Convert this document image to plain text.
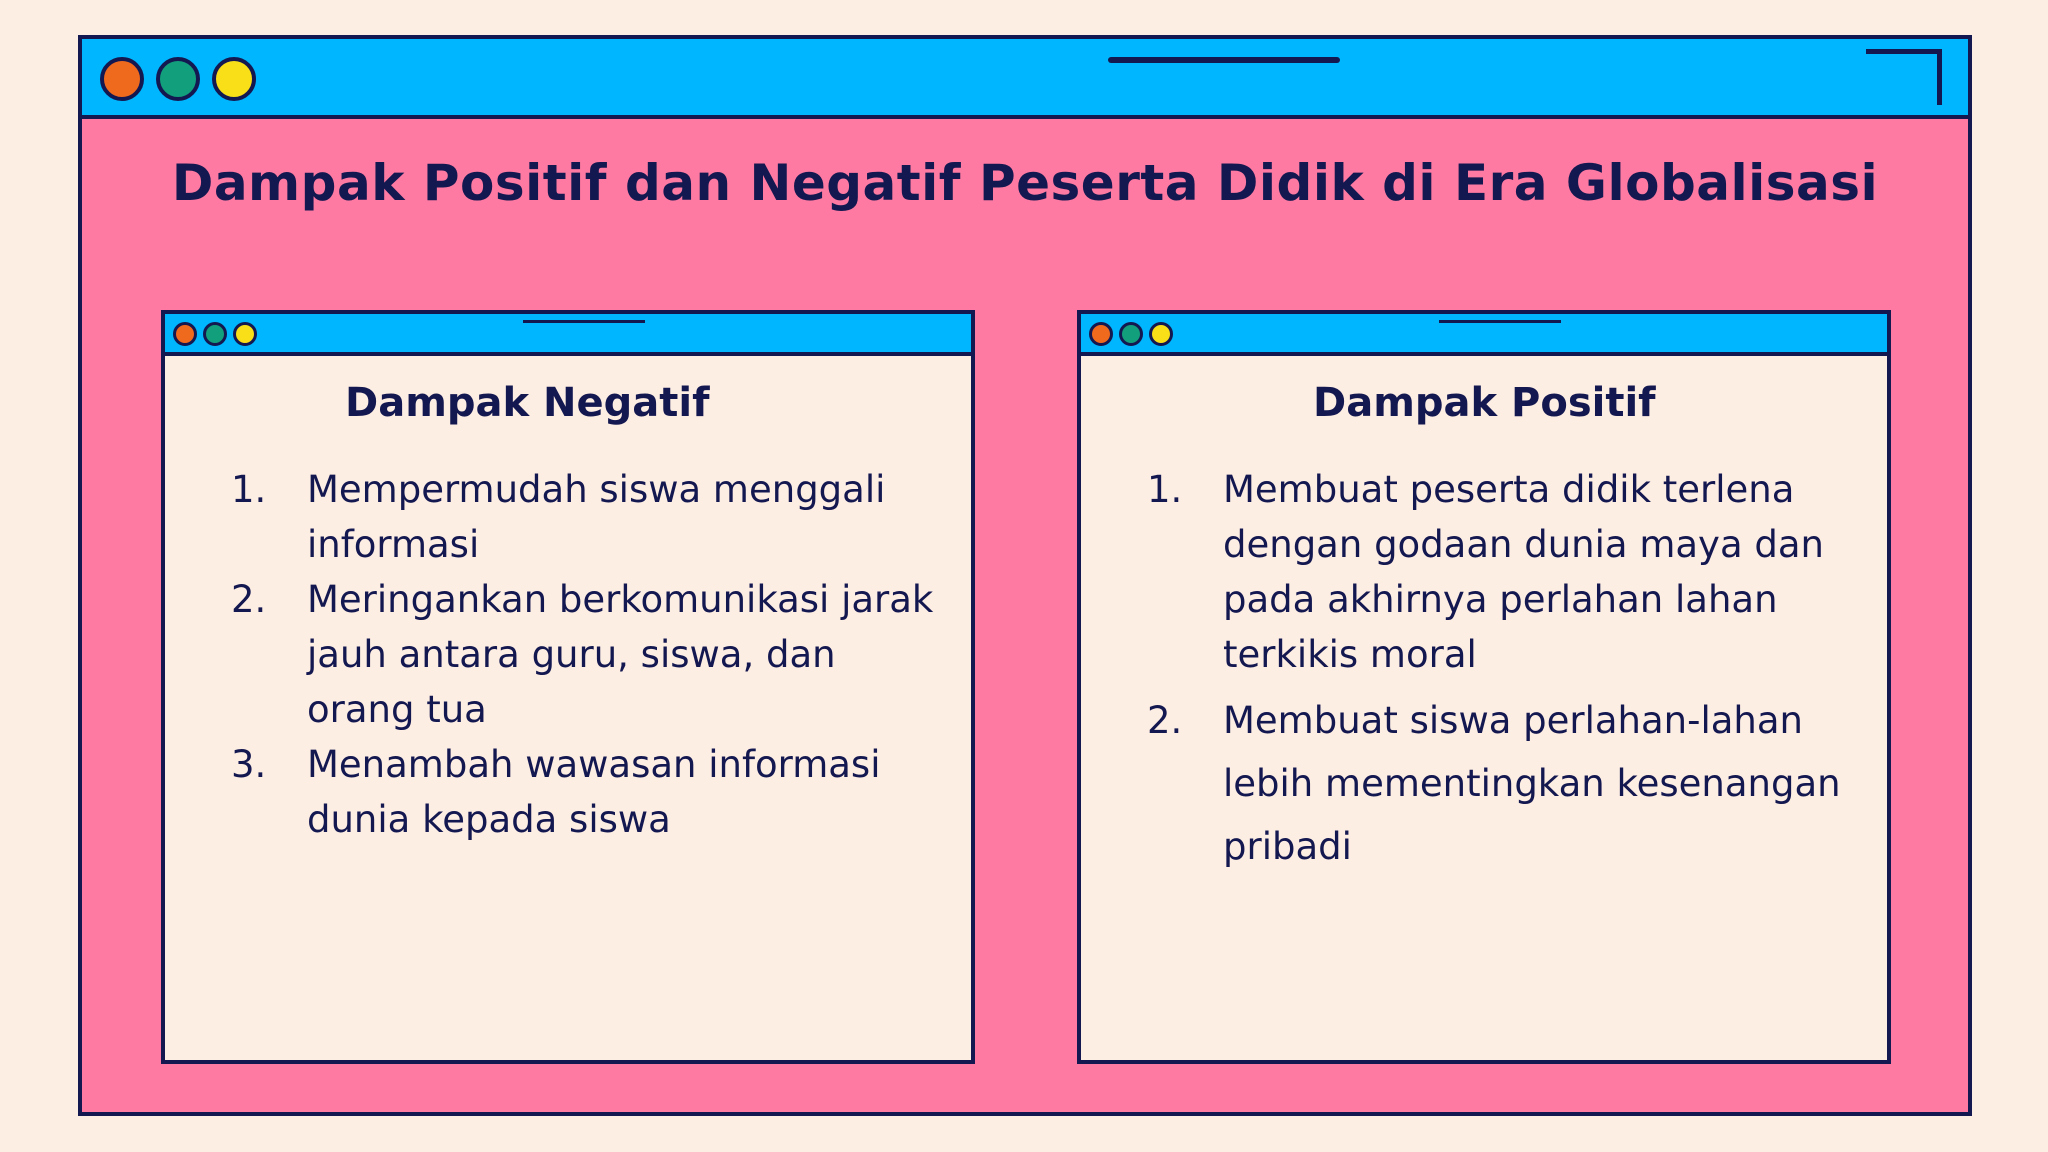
Dampak Positif dan Negatif Peserta Didik di Era Globalisasi
Dampak Negatif
1. Mempermudah siswa menggali informasi
2. Meringankan berkomunikasi jarak jauh antara guru, siswa, dan orang tua
3. Menambah wawasan informasi dunia kepada siswa
Dampak Positif
1. Membuat peserta didik terlena dengan godaan dunia maya dan pada akhirnya perlahan lahan terkikis moral
2. Membuat siswa perlahan-lahan lebih mementingkan kesenangan pribadi
